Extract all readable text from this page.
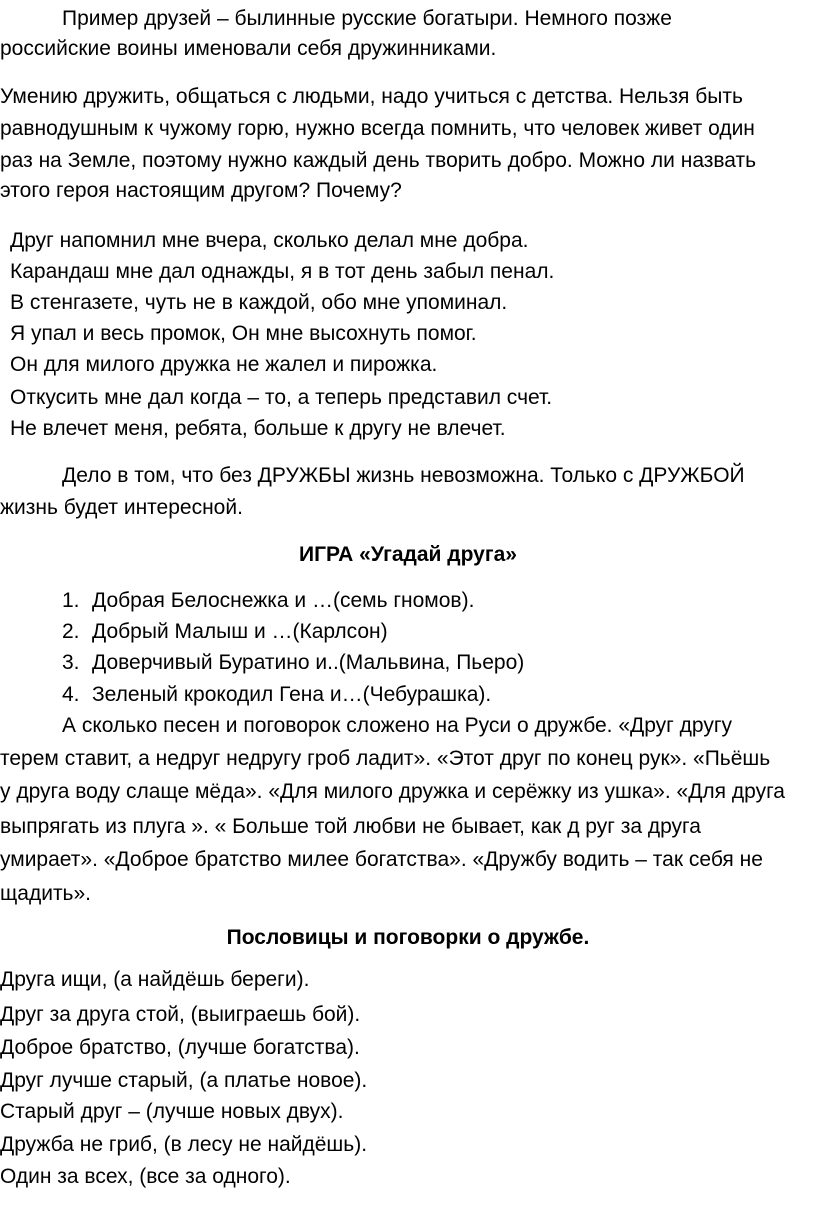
Пример друзей – былинные русские богатыри. Немного позже
российские воины именовали себя дружинниками.
Умению дружить, общаться с людьми, надо учиться с детства. Нельзя быть
равнодушным к чужому горю, нужно всегда помнить, что человек живет один
раз на Земле, поэтому нужно каждый день творить добро. Можно ли назвать
этого героя настоящим другом? Почему?
Друг напомнил мне вчера, сколько делал мне добра.
Карандаш мне дал однажды, я в тот день забыл пенал.
В стенгазете, чуть не в каждой, обо мне упоминал.
Я упал и весь промок, Он мне высохнуть помог.
Он для милого дружка не жалел и пирожка.
Откусить мне дал когда – то, а теперь представил счет.
Не влечет меня, ребята, больше к другу не влечет.
Дело в том, что без ДРУЖБЫ жизнь невозможна. Только с ДРУЖБОЙ
жизнь будет интересной.
ИГРА «Угадай друга»
1. Добрая Белоснежка и …(семь гномов).
2. Добрый Малыш и …(Карлсон)
3. Доверчивый Буратино и..(Мальвина, Пьеро)
4. Зеленый крокодил Гена и…(Чебурашка).
А сколько песен и поговорок сложено на Руси о дружбе. «Друг другу
терем ставит, а недруг недругу гроб ладит». «Этот друг по конец рук». «Пьёшь
у друга воду слаще мёда». «Для милого дружка и серёжку из ушка». «Для друга
выпрягать из плуга ». « Больше той любви не бывает, как д руг за друга
умирает». «Доброе братство милее богатства». «Дружбу водить – так себя не
щадить».
Пословицы и поговорки о дружбе.
Друга ищи, (а найдёшь береги).
Друг за друга стой, (выиграешь бой).
Доброе братство, (лучше богатства).
Друг лучше старый, (а платье новое).
Старый друг – (лучше новых двух).
Дружба не гриб, (в лесу не найдёшь).
Один за всех, (все за одного).
